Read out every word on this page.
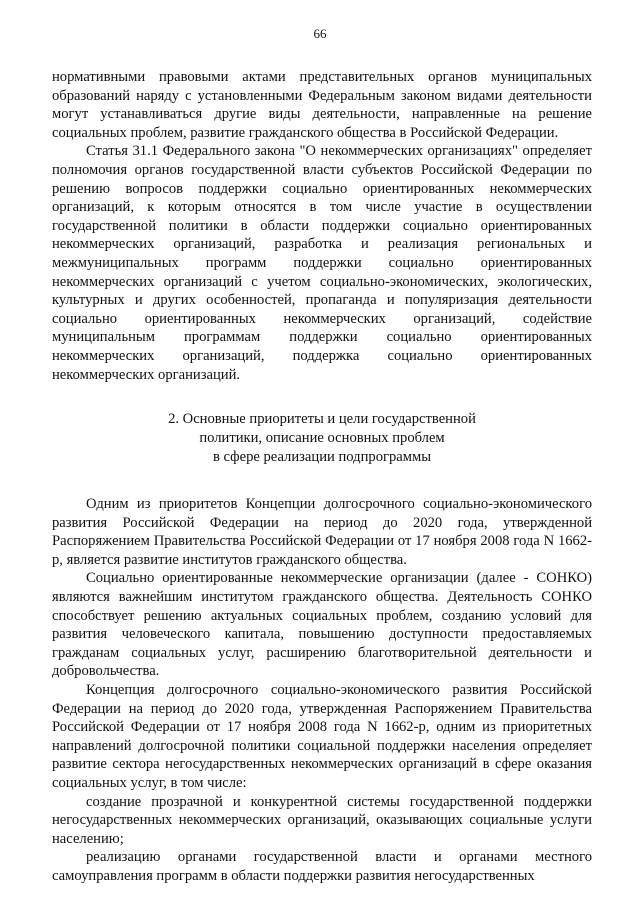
66

нормативными правовыми актами представительных органов муниципальных образований наряду с установленными Федеральным законом видами деятельности могут устанавливаться другие виды деятельности, направленные на решение социальных проблем, развитие гражданского общества в Российской Федерации.

Статья 31.1 Федерального закона "О некоммерческих организациях" определяет полномочия органов государственной власти субъектов Российской Федерации по решению вопросов поддержки социально ориентированных некоммерческих организаций, к которым относятся в том числе участие в осуществлении государственной политики в области поддержки социально ориентированных некоммерческих организаций, разработка и реализация региональных и межмуниципальных программ поддержки социально ориентированных некоммерческих организаций с учетом социально-экономических, экологических, культурных и других особенностей, пропаганда и популяризация деятельности социально ориентированных некоммерческих организаций, содействие муниципальным программам поддержки социально ориентированных некоммерческих организаций, поддержка социально ориентированных некоммерческих организаций.

2. Основные приоритеты и цели государственной
политики, описание основных проблем
в сфере реализации подпрограммы

Одним из приоритетов Концепции долгосрочного социально-экономического развития Российской Федерации на период до 2020 года, утвержденной Распоряжением Правительства Российской Федерации от 17 ноября 2008 года N 1662-р, является развитие институтов гражданского общества.

Социально ориентированные некоммерческие организации (далее - СОНКО) являются важнейшим институтом гражданского общества. Деятельность СОНКО способствует решению актуальных социальных проблем, созданию условий для развития человеческого капитала, повышению доступности предоставляемых гражданам социальных услуг, расширению благотворительной деятельности и добровольчества.

Концепция долгосрочного социально-экономического развития Российской Федерации на период до 2020 года, утвержденная Распоряжением Правительства Российской Федерации от 17 ноября 2008 года N 1662-р, одним из приоритетных направлений долгосрочной политики социальной поддержки населения определяет развитие сектора негосударственных некоммерческих организаций в сфере оказания социальных услуг, в том числе:

создание прозрачной и конкурентной системы государственной поддержки негосударственных некоммерческих организаций, оказывающих социальные услуги населению;

реализацию органами государственной власти и органами местного самоуправления программ в области поддержки развития негосударственных
